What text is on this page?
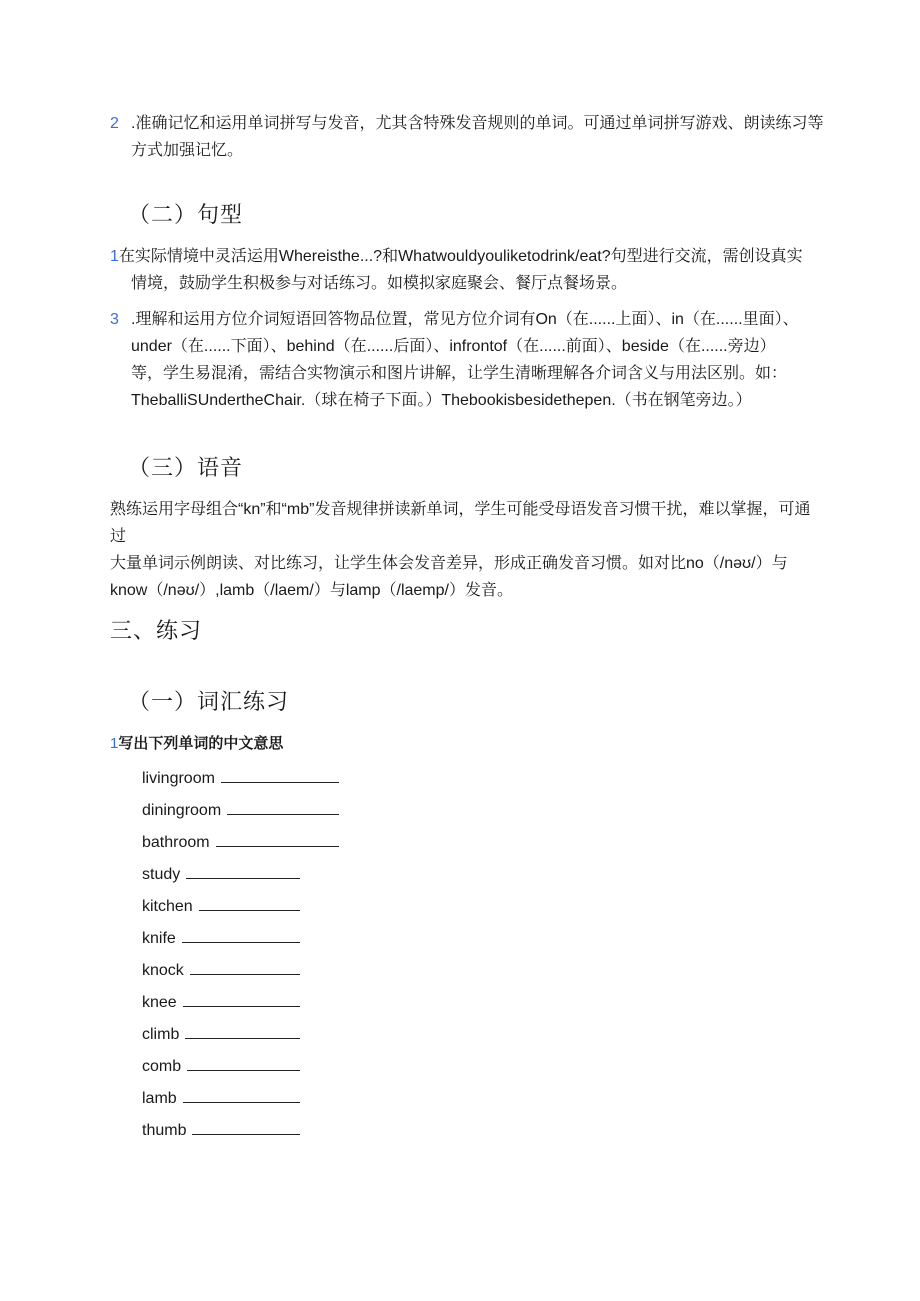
2 .准确记忆和运用单词拼写与发音，尤其含特殊发音规则的单词。可通过单词拼写游戏、朗读练习等
方式加强记忆。
（二）句型
1在实际情境中灵活运用Whereisthe...?和Whatwouldyouliketodrink/eat?句型进行交流，需创设真实
情境，鼓励学生积极参与对话练习。如模拟家庭聚会、餐厅点餐场景。
3 .理解和运用方位介词短语回答物品位置，常见方位介词有On（在......上面）、in（在......里面）、
under（在......下面）、behind（在......后面）、infrontof（在......前面）、beside（在......旁边）
等，学生易混淆，需结合实物演示和图片讲解，让学生清晰理解各介词含义与用法区别。如：
TheballiSUndertheChair.（球在椅子下面。）Thebookisbesidethepen.（书在钢笔旁边。）
（三）语音
熟练运用字母组合“kn”和“mb”发音规律拼读新单词，学生可能受母语发音习惯干扰，难以掌握，可通过
大量单词示例朗读、对比练习，让学生体会发音差异，形成正确发音习惯。如对比no（/nəʊ/）与
know（/nəʊ/）,lamb（/laem/）与lamp（/laemp/）发音。
三、练习
（一）词汇练习
1写出下列单词的中文意思
livingroom
diningroom
bathroom
study
kitchen
knife
knock
knee
climb
comb
lamb
thumb
